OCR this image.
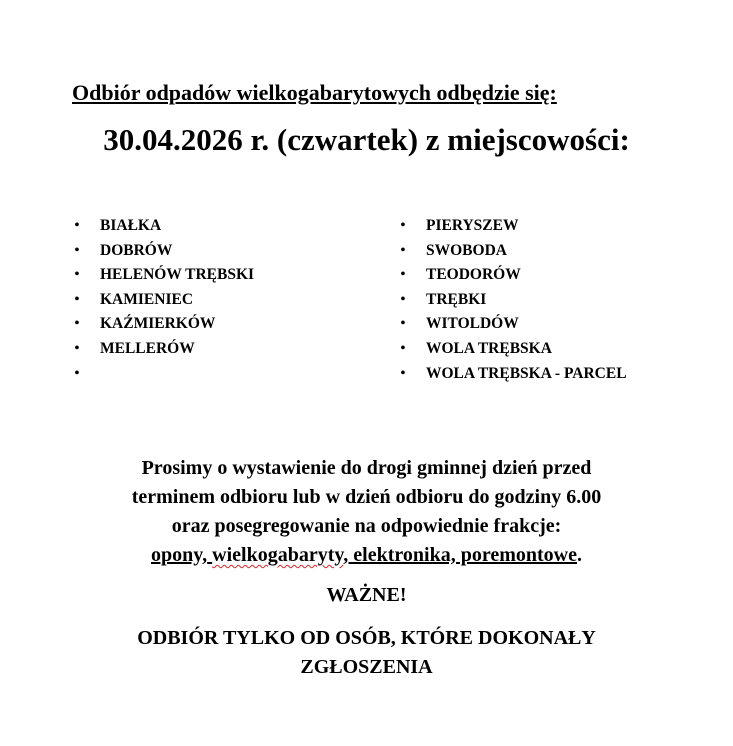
Odbiór odpadów wielkogabarytowych odbędzie się:
30.04.2026 r. (czwartek) z miejscowości:
• BIAŁKA
• DOBRÓW
• HELENÓW TRĘBSKI
• KAMIENIEC
• KAŹMIERKÓW
• MELLERÓW
•
• PIERYSZEW
• SWOBODA
• TEODORÓW
• TRĘBKI
• WITOLDÓW
• WOLA TRĘBSKA
• WOLA TRĘBSKA - PARCEL
Prosimy o wystawienie do drogi gminnej dzień przed
terminem odbioru lub w dzień odbioru do godziny 6.00
oraz posegregowanie na odpowiednie frakcje:
opony, wielkogabaryty, elektronika, poremontowe.
WAŻNE!
ODBIÓR TYLKO OD OSÓB, KTÓRE DOKONAŁY
ZGŁOSZENIA
